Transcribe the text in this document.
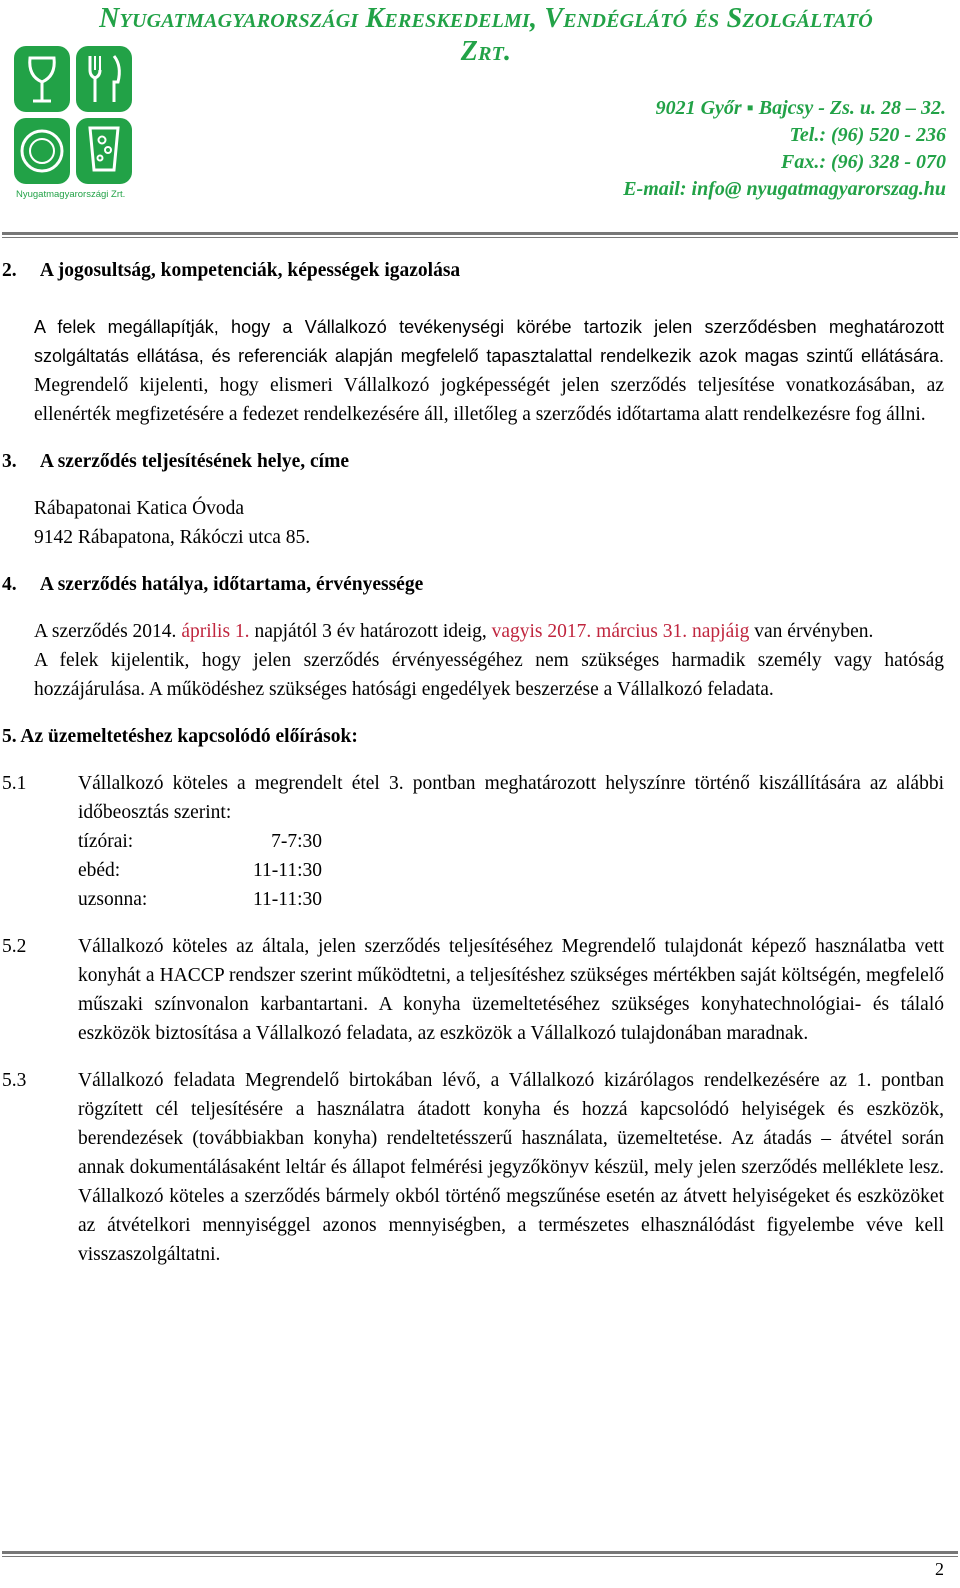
Nyugatmagyarországi Kereskedelmi, Vendéglátó és Szolgáltató
Zrt.
Nyugatmagyarországi Zrt.
9021 Győr ▪ Bajcsy - Zs. u. 28 – 32.
Tel.: (96) 520 - 236
Fax.: (96) 328 - 070
E-mail: info@ nyugatmagyarorszag.hu

2. A jogosultság, kompetenciák, képességek igazolása

A felek megállapítják, hogy a Vállalkozó tevékenységi körébe tartozik jelen szerződésben meghatározott szolgáltatás ellátása, és referenciák alapján megfelelő tapasztalattal rendelkezik azok magas szintű ellátására. Megrendelő kijelenti, hogy elismeri Vállalkozó jogképességét jelen szerződés teljesítése vonatkozásában, az ellenérték megfizetésére a fedezet rendelkezésére áll, illetőleg a szerződés időtartama alatt rendelkezésre fog állni.

3. A szerződés teljesítésének helye, címe

Rábapatonai Katica Óvoda

9142 Rábapatona, Rákóczi utca 85.

4. A szerződés hatálya, időtartama, érvényessége

A szerződés 2014. április 1. napjától 3 év határozott ideig, vagyis 2017. március 31. napjáig van érvényben.

A felek kijelentik, hogy jelen szerződés érvényességéhez nem szükséges harmadik személy vagy hatóság hozzájárulása. A működéshez szükséges hatósági engedélyek beszerzése a Vállalkozó feladata.

5. Az üzemeltetéshez kapcsolódó előírások:

5.1	Vállalkozó köteles a megrendelt étel 3. pontban meghatározott helyszínre történő kiszállítására az alábbi időbeosztás szerint:

tízórai:	7-7:30
ebéd:	11-11:30
uzsonna:	11-11:30

5.2	Vállalkozó köteles az általa, jelen szerződés teljesítéséhez Megrendelő tulajdonát képező használatba vett konyhát a HACCP rendszer szerint működtetni, a teljesítéshez szükséges mértékben saját költségén, megfelelő műszaki színvonalon karbantartani. A konyha üzemeltetéséhez szükséges konyhatechnológiai- és tálaló eszközök biztosítása a Vállalkozó feladata, az eszközök a Vállalkozó tulajdonában maradnak.

5.3	Vállalkozó feladata Megrendelő birtokában lévő, a Vállalkozó kizárólagos rendelkezésére az 1. pontban rögzített cél teljesítésére a használatra átadott konyha és hozzá kapcsolódó helyiségek és eszközök, berendezések (továbbiakban konyha) rendeltetésszerű használata, üzemeltetése. Az átadás – átvétel során annak dokumentálásaként leltár és állapot felmérési jegyzőkönyv készül, mely jelen szerződés melléklete lesz. Vállalkozó köteles a szerződés bármely okból történő megszűnése esetén az átvett helyiségeket és eszközöket az átvételkori mennyiséggel azonos mennyiségben, a természetes elhasználódást figyelembe véve kell visszaszolgáltatni.

2
